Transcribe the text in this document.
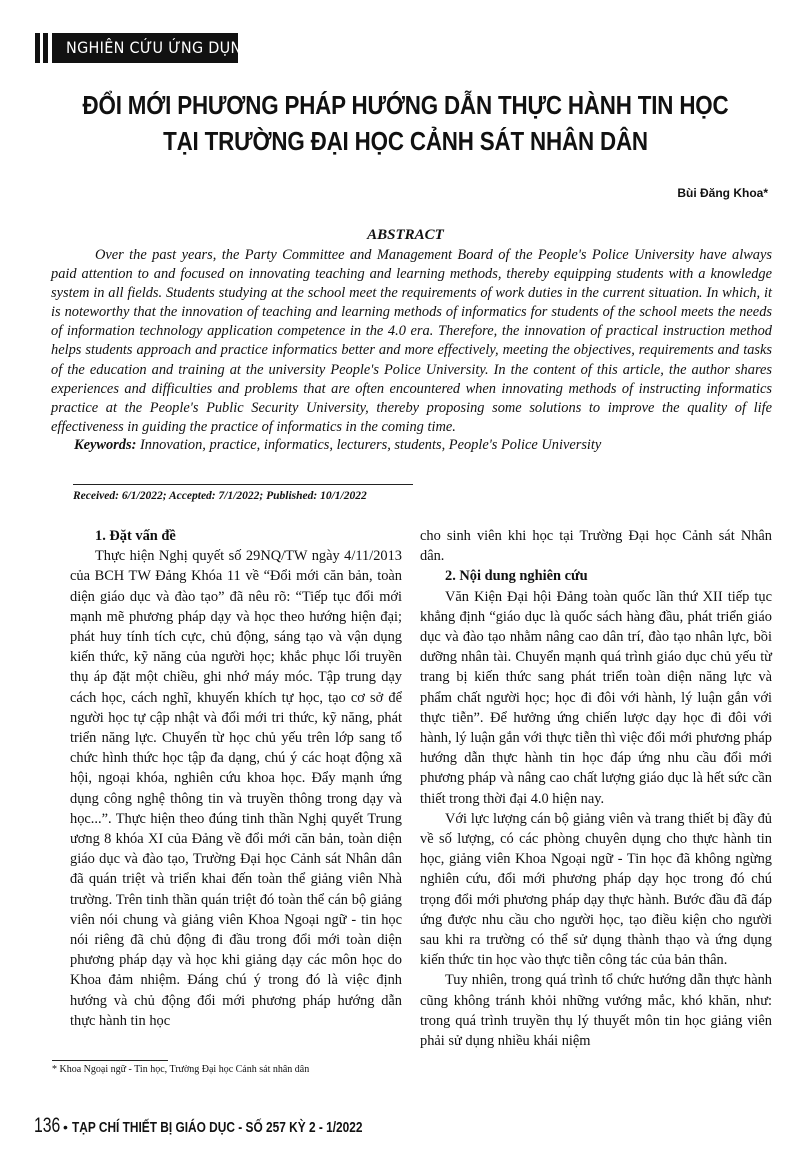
NGHIÊN CỨU ỨNG DỤNG
ĐỔI MỚI PHƯƠNG PHÁP HƯỚNG DẪN THỰC HÀNH TIN HỌC
TẠI TRƯỜNG ĐẠI HỌC CẢNH SÁT NHÂN DÂN
Bùi Đăng Khoa*
ABSTRACT

Over the past years, the Party Committee and Management Board of the People's Police University have always paid attention to and focused on innovating teaching and learning methods, thereby equipping students with a knowledge system in all fields. Students studying at the school meet the requirements of work duties in the current situation. In which, it is noteworthy that the innovation of teaching and learning methods of informatics for students of the school meets the needs of information technology application competence in the 4.0 era. Therefore, the innovation of practical instruction method helps students approach and practice informatics better and more effectively, meeting the objectives, requirements and tasks of the education and training at the university People's Police University. In the content of this article, the author shares experiences and difficulties and problems that are often encountered when innovating methods of instructing informatics practice at the People's Public Security University, thereby proposing some solutions to improve the quality of life effectiveness in guiding the practice of informatics in the coming time.

Keywords: Innovation, practice, informatics, lecturers, students, People's Police University
Received: 6/1/2022; Accepted: 7/1/2022; Published: 10/1/2022
1. Đặt vấn đề

Thực hiện Nghị quyết số 29NQ/TW ngày 4/11/2013 của BCH TW Đảng Khóa 11 về “Đổi mới căn bản, toàn diện giáo dục và đào tạo” đã nêu rõ: “Tiếp tục đổi mới mạnh mẽ phương pháp dạy và học theo hướng hiện đại; phát huy tính tích cực, chủ động, sáng tạo và vận dụng kiến thức, kỹ năng của người học; khắc phục lối truyền thụ áp đặt một chiều, ghi nhớ máy móc. Tập trung dạy cách học, cách nghĩ, khuyến khích tự học, tạo cơ sở để người học tự cập nhật và đổi mới tri thức, kỹ năng, phát triển năng lực. Chuyển từ học chủ yếu trên lớp sang tổ chức hình thức học tập đa dạng, chú ý các hoạt động xã hội, ngoại khóa, nghiên cứu khoa học. Đẩy mạnh ứng dụng công nghệ thông tin và truyền thông trong dạy và học...”. Thực hiện theo đúng tinh thần Nghị quyết Trung ương 8 khóa XI của Đảng về đổi mới căn bản, toàn diện giáo dục và đào tạo, Trường Đại học Cảnh sát Nhân dân đã quán triệt và triển khai đến toàn thể giảng viên Nhà trường. Trên tinh thần quán triệt đó toàn thể cán bộ giảng viên nói chung và giảng viên Khoa Ngoại ngữ - tin học nói riêng đã chủ động đi đầu trong đổi mới toàn diện phương pháp dạy và học khi giảng dạy các môn học do Khoa đảm nhiệm. Đáng chú ý trong đó là việc định hướng và chủ động đổi mới phương pháp hướng dẫn thực hành tin học

cho sinh viên khi học tại Trường Đại học Cảnh sát Nhân dân.

2. Nội dung nghiên cứu

Văn Kiện Đại hội Đảng toàn quốc lần thứ XII tiếp tục khẳng định “giáo dục là quốc sách hàng đầu, phát triển giáo dục và đào tạo nhằm nâng cao dân trí, đào tạo nhân lực, bồi dưỡng nhân tài. Chuyển mạnh quá trình giáo dục chủ yếu từ trang bị kiến thức sang phát triển toàn diện năng lực và phẩm chất người học; học đi đôi với hành, lý luận gắn với thực tiễn”. Để hưởng ứng chiến lược dạy học đi đôi với hành, lý luận gắn với thực tiễn thì việc đổi mới phương pháp hướng dẫn thực hành tin học đáp ứng nhu cầu đổi mới phương pháp và nâng cao chất lượng giáo dục là hết sức cần thiết trong thời đại 4.0 hiện nay.

Với lực lượng cán bộ giảng viên và trang thiết bị đầy đủ về số lượng, có các phòng chuyên dụng cho thực hành tin học, giảng viên Khoa Ngoại ngữ - Tin học đã không ngừng nghiên cứu, đổi mới phương pháp dạy học trong đó chú trọng đổi mới phương pháp dạy thực hành. Bước đầu đã đáp ứng được nhu cầu cho người học, tạo điều kiện cho người sau khi ra trường có thể sử dụng thành thạo và ứng dụng kiến thức tin học vào thực tiễn công tác của bản thân.

Tuy nhiên, trong quá trình tổ chức hướng dẫn thực hành cũng không tránh khỏi những vướng mắc, khó khăn, như: trong quá trình truyền thụ lý thuyết môn tin học giảng viên phải sử dụng nhiều khái niệm

* Khoa Ngoại ngữ - Tin học, Trường Đại học Cảnh sát nhân dân
136 • TẠP CHÍ THIẾT BỊ GIÁO DỤC - SỐ 257 KỲ 2 - 1/2022
